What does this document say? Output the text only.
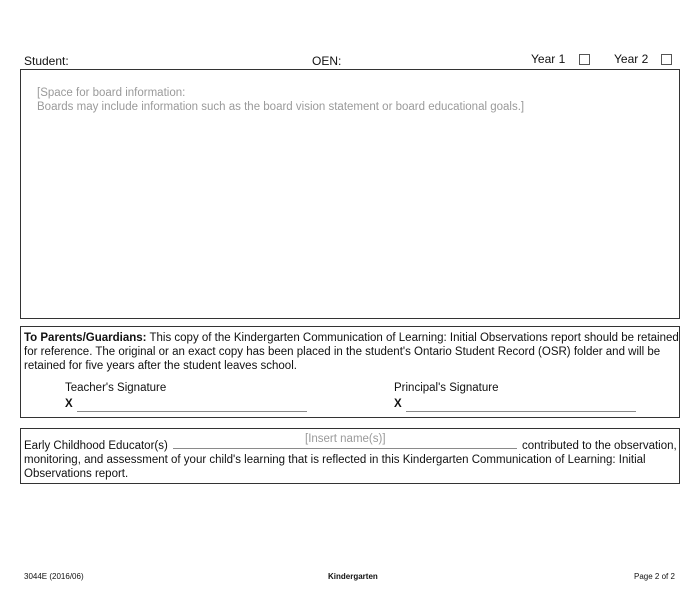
Student:	OEN:	Year 1	Year 2
[Space for board information:
Boards may include information such as the board vision statement or board educational goals.]
To Parents/Guardians: This copy of the Kindergarten Communication of Learning: Initial Observations report should be retained
for reference. The original or an exact copy has been placed in the student's Ontario Student Record (OSR) folder and will be
retained for five years after the student leaves school.
Teacher's Signature
X
Principal's Signature
X
Early Childhood Educator(s)
[Insert name(s)]
contributed to the observation,
monitoring, and assessment of your child's learning that is reflected in this Kindergarten Communication of Learning: Initial
Observations report.
3044E (2016/06)	Kindergarten	Page 2 of 2
